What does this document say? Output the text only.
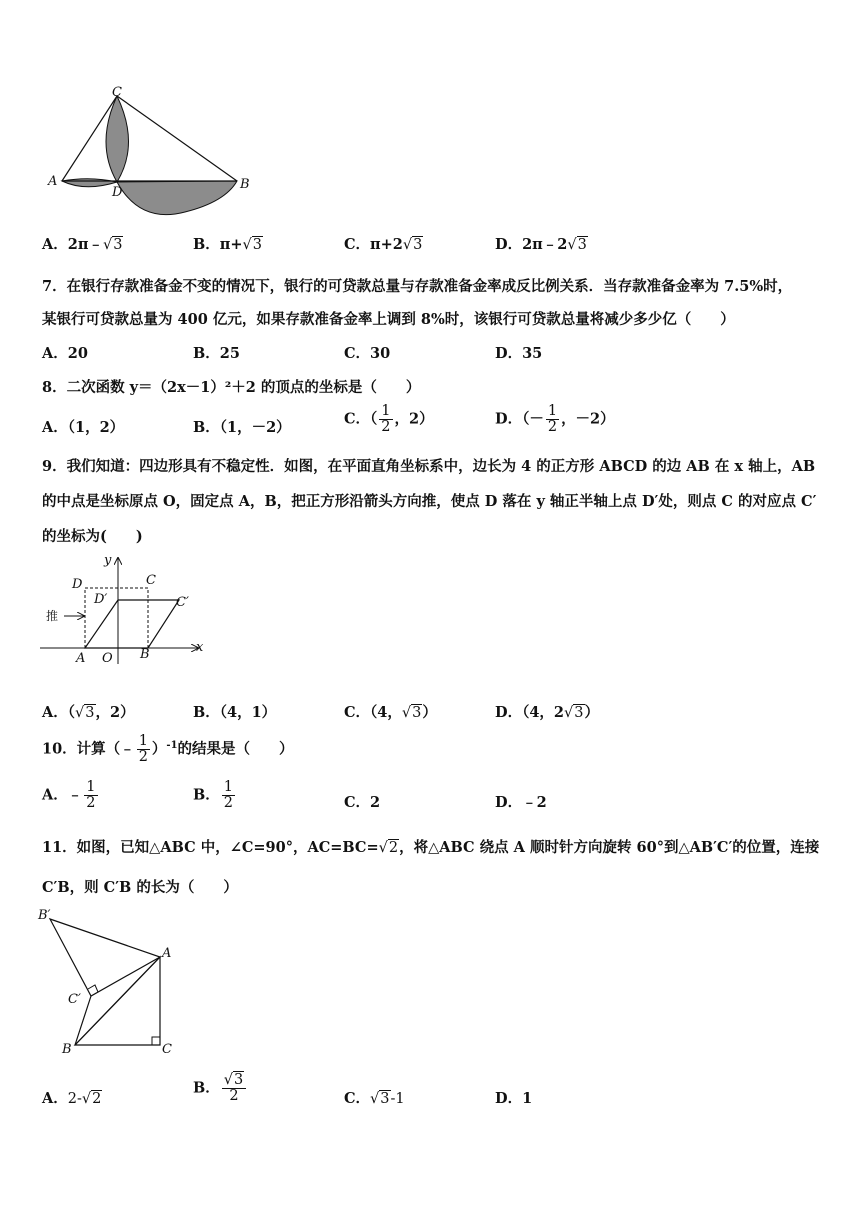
C
A
D
B
A．2π﹣√3	B．π+√3	C．π+2√3	D．2π﹣2√3
7．在银行存款准备金不变的情况下，银行的可贷款总量与存款准备金率成反比例关系．当存款准备金率为 7.5%时，
某银行可贷款总量为 400 亿元，如果存款准备金率上调到 8%时，该银行可贷款总量将减少多少亿（　　）
A．20	B．25	C．30	D．35
8．二次函数 y＝（2x－1）²＋2 的顶点的坐标是（　　）
A．（1，2）	B．（1，－2）	C．（ $\frac{1}{2}$ ，2）	D．（－ $\frac{1}{2}$ ，－2）
9．我们知道：四边形具有不稳定性．如图，在平面直角坐标系中，边长为 4 的正方形 ABCD 的边 AB 在 x 轴上，AB
的中点是坐标原点 O，固定点 A，B，把正方形沿箭头方向推，使点 D 落在 y 轴正半轴上点 D′处，则点 C 的对应点 C′
的坐标为(　　)
y
x
D	C
D′	C′
推
A O B
A．（√3，2）	B．（4，1）	C．（4，√3）	D．（4，2√3）
10．计算（﹣ $\frac{1}{2} )^{-1}$的结果是（　　）
A．﹣ $\frac{1}{2}$	B． $\frac{1}{2}$	C．2	D．﹣2
11．如图，已知△ABC 中，∠C=90°，AC=BC=√2，将△ABC 绕点 A 顺时针方向旋转 60°到△AB′C′的位置，连接
C′B，则 C′B 的长为（　　）
B′
A
C′
B	C
A．2-√2
B． $\frac{√3}{2}$	C．√3-1	D．1
